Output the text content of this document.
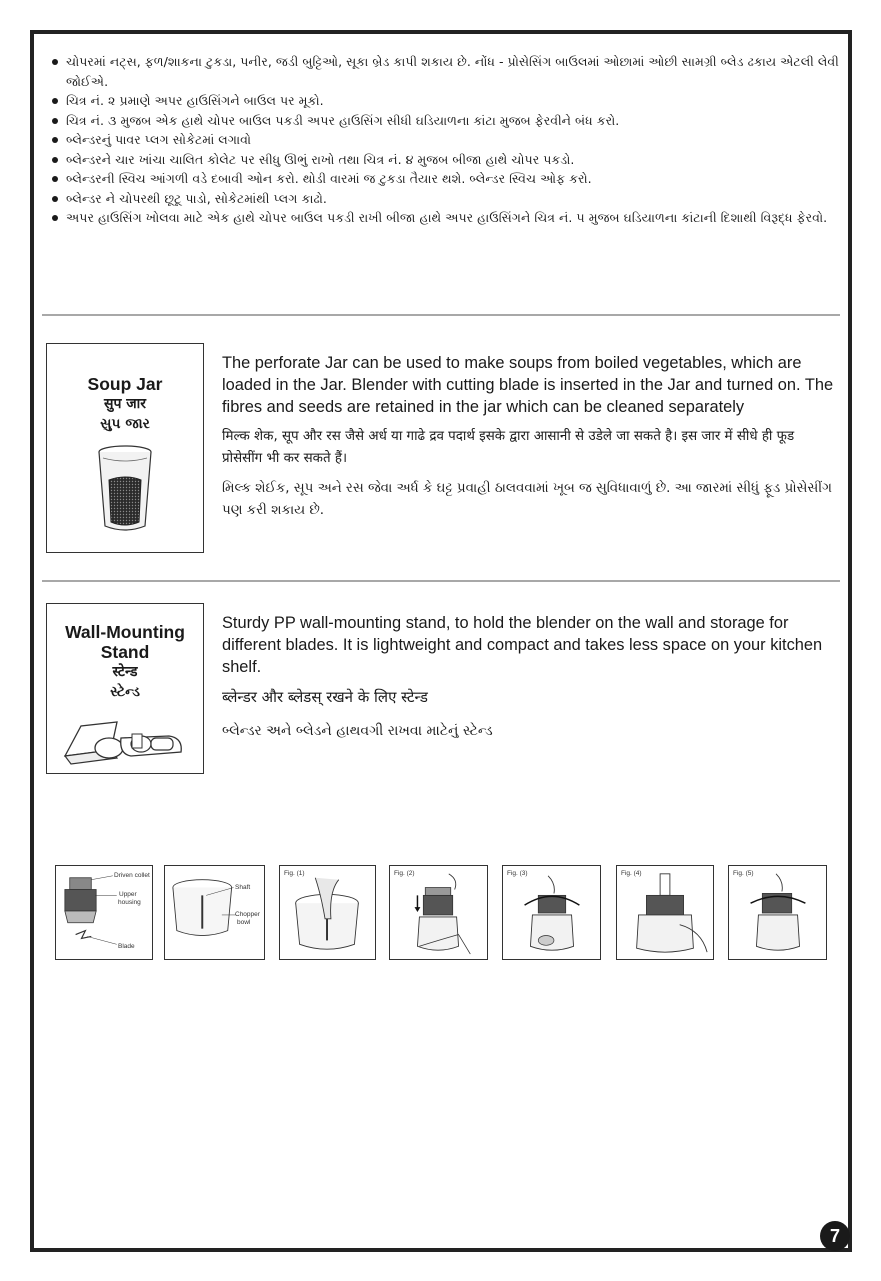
ચોપરમાં નટ્સ, ફળ/શાકના ટુકડા, પનીર, જડી બુટ્ટિઓ, સૂકા બ્રેડ કાપી શકાય છે. નોંધ - પ્રોસેસિંગ બાઉલમાં ઓછામાં ઓછી સામગ્રી બ્લેડ ઢકાય એટલી લેવી જોઈએ.
ચિત્ર નં. ૨ પ્રમાણે અપર હાઉસિંગને બાઉલ પર મૂકો.
ચિત્ર નં. ૩ મુજબ એક હાથે ચોપર બાઉલ પકડી અપર હાઉસિંગ સીધી ઘડિયાળના કાંટા મુજબ ફેરવીને બંધ કરો.
બ્લેન્ડરનું પાવર પ્લગ સોકેટમાં લગાવો
બ્લેન્ડરને ચાર ખાંચા ચાલિત કોલેટ પર સીધુ ઊભું રાખો તથા ચિત્ર નં. ૪ મુજબ બીજા હાથે ચોપર પકડો.
બ્લેન્ડરની સ્વિચ આંગળી વડે દબાવી ઓન કરો. થોડી વારમાં જ ટુકડા તૈયાર થશે. બ્લેન્ડર સ્વિચ ઓફ કરો.
બ્લેન્ડર ને ચોપરથી છૂટૂ પાડો, સોકેટમાંથી પ્લગ કાઢો.
અપર હાઉસિંગ ખોલવા માટે એક હાથે ચોપર બાઉલ પકડી રાખી બીજા હાથે અપર હાઉસિંગને ચિત્ર નં. ૫ મુજબ ઘડિયાળના કાંટાની દિશાથી વિરૂદ્ધ ફેરવો.
Soup Jar
सुप जार
સુપ જાર

The perforate Jar can be used to make soups from boiled vegetables, which are loaded in the Jar. Blender with cutting blade is inserted in the Jar and turned on. The fibres and seeds are retained in the jar which can be cleaned separately

मिल्क शेक, सूप और रस जैसे अर्ध या गाढे द्रव पदार्थ इसके द्वारा आसानी से उडेले जा सकते है। इस जार में सीधे ही फूड प्रोसेसींग भी कर सकते हैं।

મિલ્ક શેઈક, સૂપ અને રસ જેવા અર્ધ કે ઘટ્ટ પ્રવાહી ઠાલવવામાં ખૂબ જ સુવિધાવાળું છે. આ જારમાં સીધું ફૂડ પ્રોસેસીંગ પણ કરી શકાય છે.

Wall-Mounting Stand
स्टेन्ड
સ્ટેન્ડ

Sturdy PP wall-mounting stand, to hold the blender on the wall and storage for different blades. It is lightweight and compact and takes less space on your kitchen shelf.

ब्लेन्डर और ब्लेडस् रखने के लिए स्टेन्ड

બ્લેન્ડર અને બ્લેડને હાથવગી રાખવા માટેનું સ્ટેન્ડ

Driven collet
Upper
housing
Blade
Shaft
Chopper
bowl
Fig. (1)	Fig. (2)	Fig. (3)	Fig. (4)	Fig. (5)
7
